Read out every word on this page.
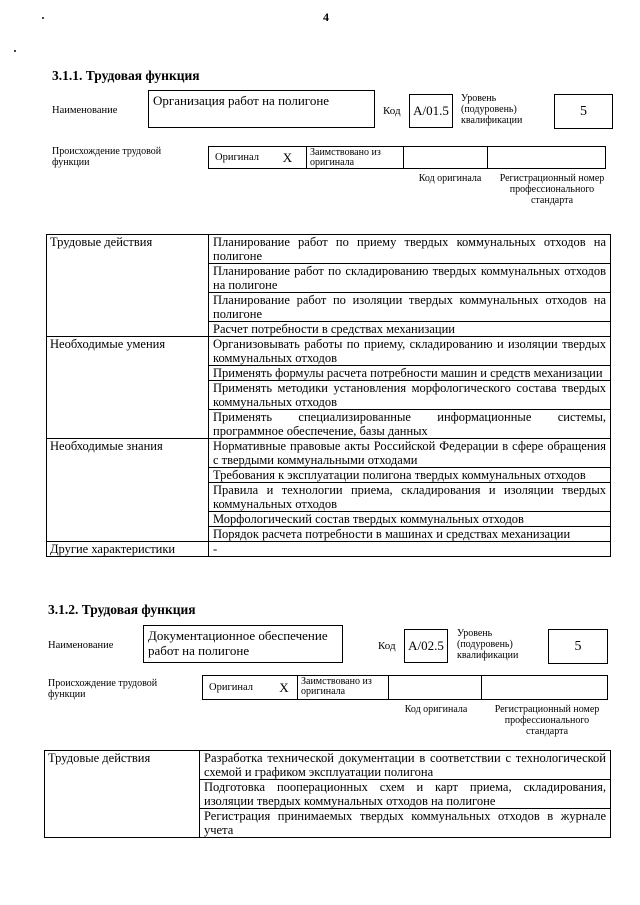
4
3.1.1. Трудовая функция
Наименование
Организация работ на полигоне
Код A/01.5
Уровень
(подуровень)
квалификации
5
Происхождение трудовой функции	Оригинал	X	Заимствовано из оригинала
Код оригинала	Регистрационный номер профессионального стандарта
Трудовые действия	Планирование работ по приему твердых коммунальных отходов на полигоне
	Планирование работ по складированию твердых коммунальных отходов на полигоне
	Планирование работ по изоляции твердых коммунальных отходов на полигоне
	Расчет потребности в средствах механизации
Необходимые умения	Организовывать работы по приему, складированию и изоляции твердых коммунальных отходов
	Применять формулы расчета потребности машин и средств механизации
	Применять методики установления морфологического состава твердых коммунальных отходов
	Применять специализированные информационные системы, программное обеспечение, базы данных
Необходимые знания	Нормативные правовые акты Российской Федерации в сфере обращения с твердыми коммунальными отходами
	Требования к эксплуатации полигона твердых коммунальных отходов
	Правила и технологии приема, складирования и изоляции твердых коммунальных отходов
	Морфологический состав твердых коммунальных отходов
	Порядок расчета потребности в машинах и средствах механизации
Другие характеристики	-
3.1.2. Трудовая функция
Наименование
Документационное обеспечение работ на полигоне	Код A/02.5
Уровень
(подуровень)
квалификации
5
Происхождение трудовой функции
Оригинал	X	Заимствовано из оригинала
Код оригинала	Регистрационный номер профессионального стандарта
Трудовые действия	Разработка технической документации в соответствии с технологической схемой и графиком эксплуатации полигона
Подготовка пооперационных схем и карт приема, складирования, изоляции твердых коммунальных отходов на полигоне
Регистрация принимаемых твердых коммунальных отходов в журнале учета
